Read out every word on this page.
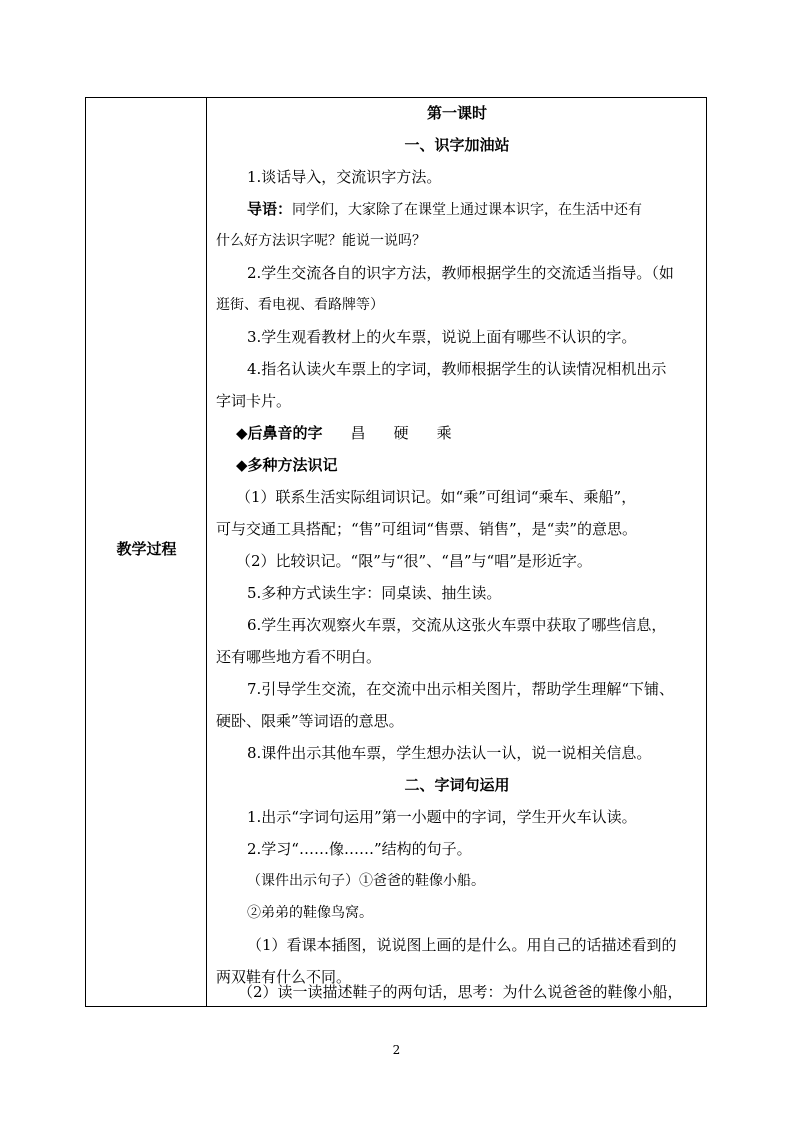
教学过程
第一课时
一、识字加油站
1.谈话导入，交流识字方法。
导语：同学们，大家除了在课堂上通过课本识字，在生活中还有
什么好方法识字呢？能说一说吗？
2.学生交流各自的识字方法，教师根据学生的交流适当指导。（如
逛街、看电视、看路牌等）
3.学生观看教材上的火车票，说说上面有哪些不认识的字。
4.指名认读火车票上的字词，教师根据学生的认读情况相机出示
字词卡片。
◆后鼻音的字 昌 硬 乘
◆多种方法识记
（1）联系生活实际组词识记。如“乘”可组词“乘车、乘船”，
可与交通工具搭配；“售”可组词“售票、销售”，是“卖”的意思。
（2）比较识记。“限”与“很”、“昌”与“唱”是形近字。
5.多种方式读生字：同桌读、抽生读。
6.学生再次观察火车票，交流从这张火车票中获取了哪些信息，
还有哪些地方看不明白。
7.引导学生交流，在交流中出示相关图片，帮助学生理解“下铺、
硬卧、限乘”等词语的意思。
8.课件出示其他车票，学生想办法认一认，说一说相关信息。
二、字词句运用
1.出示“字词句运用”第一小题中的字词，学生开火车认读。
2.学习“……像……”结构的句子。
（课件出示句子）①爸爸的鞋像小船。
②弟弟的鞋像鸟窝。
（1）看课本插图，说说图上画的是什么。用自己的话描述看到的
两双鞋有什么不同。
（2）读一读描述鞋子的两句话，思考：为什么说爸爸的鞋像小船，
2
